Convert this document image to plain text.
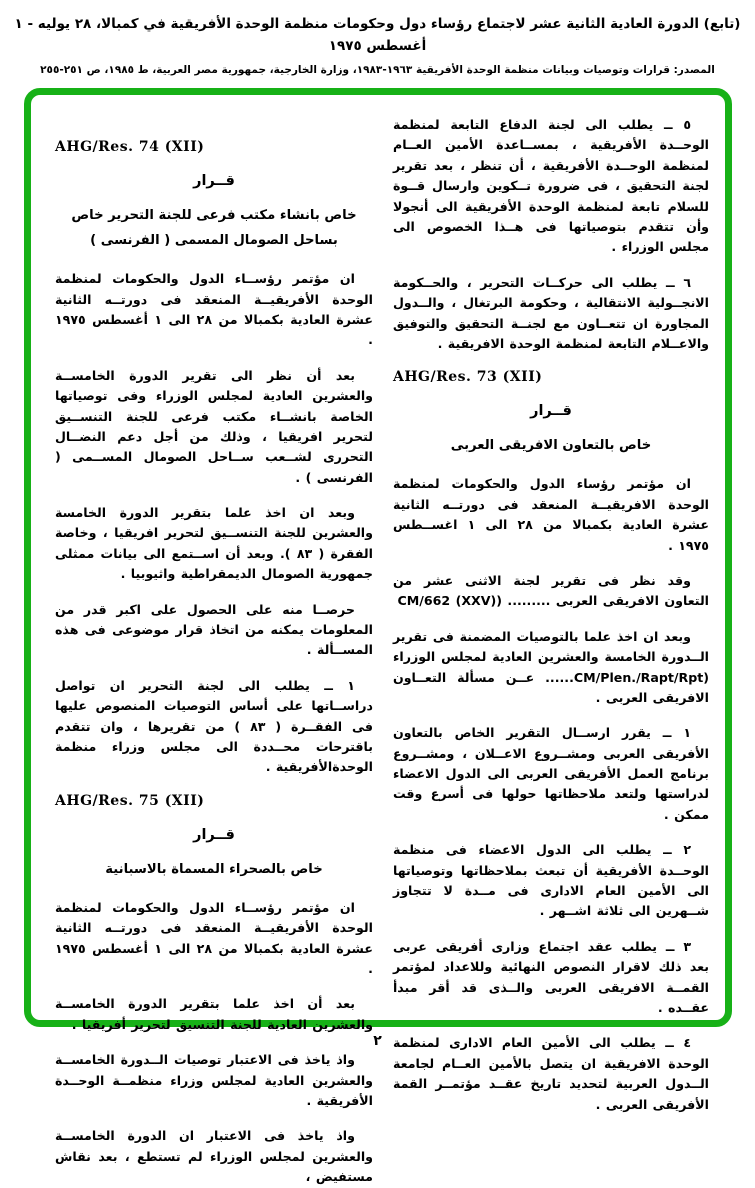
(تابع) الدورة العادية الثانية عشر لاجتماع رؤساء دول وحكومات منظمة الوحدة الأفريقية في كمبالا، ٢٨ يوليه - ١ أغسطس ١٩٧٥
المصدر: قرارات وتوصيات وبيانات منظمة الوحدة الأفريقية ١٩٦٣-١٩٨٣، وزارة الخارجية، جمهورية مصر العربية، ط ١٩٨٥، ص ٢٥١-٢٥٥

٥ ــ يطلب الى لجنة الدفاع التابعة لمنظمة الوحــدة الأفريقية ، بمســاعدة الأمين العــام لمنظمة الوحــدة الأفريقية ، أن تنظر ، بعد تقرير لجنة التحقيق ، فى ضرورة تــكوين وارسال قــوة للسلام تابعة لمنظمة الوحدة الأفريقية الى أنجولا وأن تتقدم بتوصياتها فى هــذا الخصوص الى مجلس الوزراء .

٦ ــ يطلب الى حركــات التحرير ، والحــكومة الانجــولية الانتقالية ، وحكومة البرتغال ، والــدول المجاورة ان تتعــاون مع لجنــة التحقيق والتوفيق والاعــلام التابعة لمنظمة الوحدة الافريقية .

AHG/Res. 73 (XII)

قــرار

خاص بالتعاون الافريقى العربى

ان مؤتمر رؤساء الدول والحكومات لمنظمة الوحدة الافريقيــة المنعقد فى دورتــه الثانية عشرة العادية بكمبالا من ٢٨ الى ١ اغســطس ١٩٧٥ .

وقد نظر فى تقرير لجنة الاثنى عشر من التعاون الافريقى العربى ......... (CM/662 (XXV)

وبعد ان اخذ علما بالتوصيات المضمنة فى تقرير الــدورة الخامسة والعشرين العادية لمجلس الوزراء (CM/Plen./Rapt/Rpt...... عــن مسألة التعــاون الافريقى العربى .

١ ــ يقرر ارســال التقرير الخاص بالتعاون الأفريقى العربى ومشــروع الاعــلان ، ومشــروع برنامج العمل الأفريقى العربى الى الدول الاعضاء لدراستها ولتعد ملاحظاتها حولها فى أسرع وقت ممكن .

٢ ــ يطلب الى الدول الاعضاء فى منظمة الوحــدة الأفريقية أن تبعث بملاحظاتها وتوصياتها الى الأمين العام الادارى فى مــدة لا تتجاوز شــهرين الى ثلاثة اشــهر .

٣ ــ يطلب عقد اجتماع وزارى أفريقى عربى بعد ذلك لاقرار النصوص النهائية وللاعداد لمؤتمر القمــة الافريقى العربى والــذى قد أقر مبدأ عقــده .

٤ ــ يطلب الى الأمين العام الادارى لمنظمة الوحدة الافريقية ان يتصل بالأمين العــام لجامعة الــدول العربية لتحديد تاريخ عقــد مؤتمــر القمة الأفريقى العربى .

AHG/Res. 74 (XII)

قــرار

خاص بانشاء مكتب فرعى للجنة التحرير خاص بساحل الصومال المسمى ( الفرنسى )

ان مؤتمر رؤســاء الدول والحكومات لمنظمة الوحدة الأفريقيــة المنعقد فى دورتــه الثانية عشرة العادية بكمبالا من ٢٨ الى ١ أغسطس ١٩٧٥ .

بعد أن نظر الى تقرير الدورة الخامســة والعشرين العادية لمجلس الوزراء وفى توصياتها الخاصة بانشــاء مكتب فرعى للجنة التنســيق لتحرير افريقيا ، وذلك من أجل دعم النضــال التحررى لشــعب ســاحل الصومال المســمى ( الفرنسى ) .

وبعد ان اخذ علما بتقرير الدورة الخامسة والعشرين للجنة التنســيق لتحرير افريقيا ، وخاصة الفقرة ( ٨٣ ). وبعد أن اســتمع الى بيانات ممثلى جمهورية الصومال الديمقراطية واثيوبيا .

حرصــا منه على الحصول على اكبر قدر من المعلومات يمكنه من اتخاذ قرار موضوعى فى هذه المســألة .

١ ــ يطلب الى لجنة التحرير ان تواصل دراســاتها على أساس التوصيات المنصوص عليها فى الفقــرة ( ٨٣ ) من تقريرها ، وان تتقدم باقترحات محــددة الى مجلس وزراء منظمة الوحدةالأفريقية .

AHG/Res. 75 (XII)

قــرار

خاص بالصحراء المسماة بالاسبانية

ان مؤتمر رؤســاء الدول والحكومات لمنظمة الوحدة الأفريقيــة المنعقد فى دورتــه الثانية عشرة العادية بكمبالا من ٢٨ الى ١ أغسطس ١٩٧٥ .

بعد أن اخذ علما بتقرير الدورة الخامســة والعشرين العادية للجنة التنسيق لتحرير أفريقيا .

واذ ياخذ فى الاعتبار توصيات الــدورة الخامســة والعشرين العادية لمجلس وزراء منظمــة الوحــدة الأفريقية .

واذ ياخذ فى الاعتبار ان الدورة الخامســة والعشرين لمجلس الوزراء لم تستطع ، بعد نقاش مستفيض ،

٢
